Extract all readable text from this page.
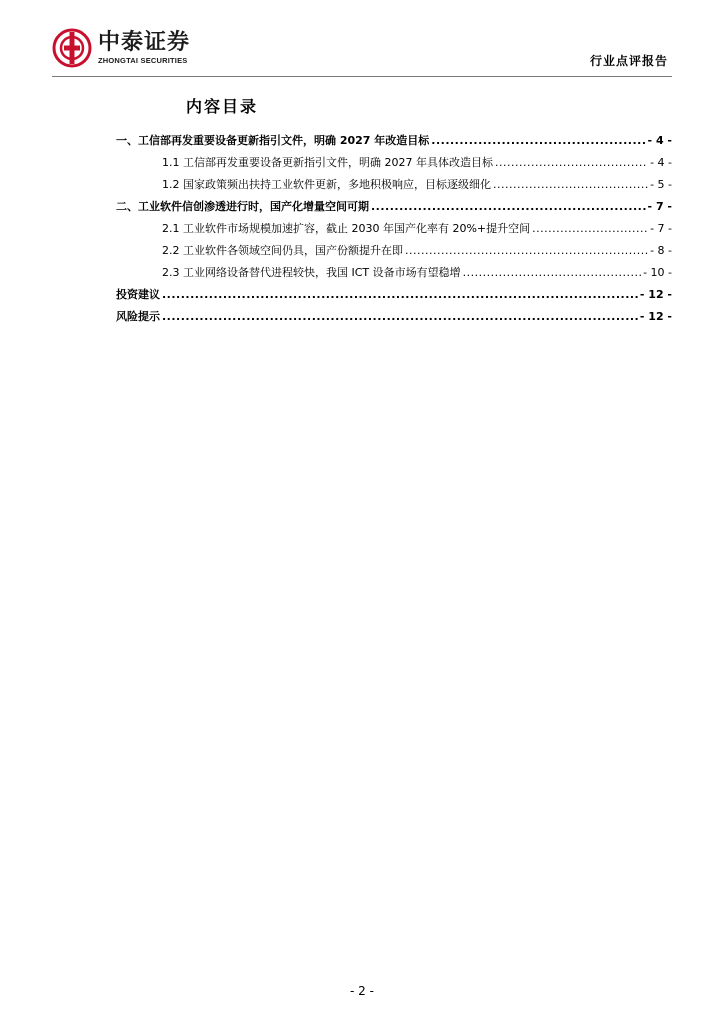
中泰证券
ZHONGTAI SECURITIES	行业点评报告
内容目录
一、工信部再发重要设备更新指引文件，明确 2027 年改造目标 .....	- 4 -
1.1 工信部再发重要设备更新指引文件，明确 2027 年具体改造目标 .....	- 4 -
1.2 国家政策频出扶持工业软件更新，多地积极响应，目标逐级细化 .....	- 5 -
二、工业软件信创渗透进行时，国产化增量空间可期 .....	- 7 -
2.1 工业软件市场规模加速扩容，截止 2030 年国产化率有 20%+提升空间 .....	- 7 -
2.2 工业软件各领域空间仍具，国产份额提升在即 .....	- 8 -
2.3 工业网络设备替代进程较快，我国 ICT 设备市场有望稳增 .....	- 10 -
投资建议 .....	- 12 -
风险提示 .....	- 12 -
- 2 -
